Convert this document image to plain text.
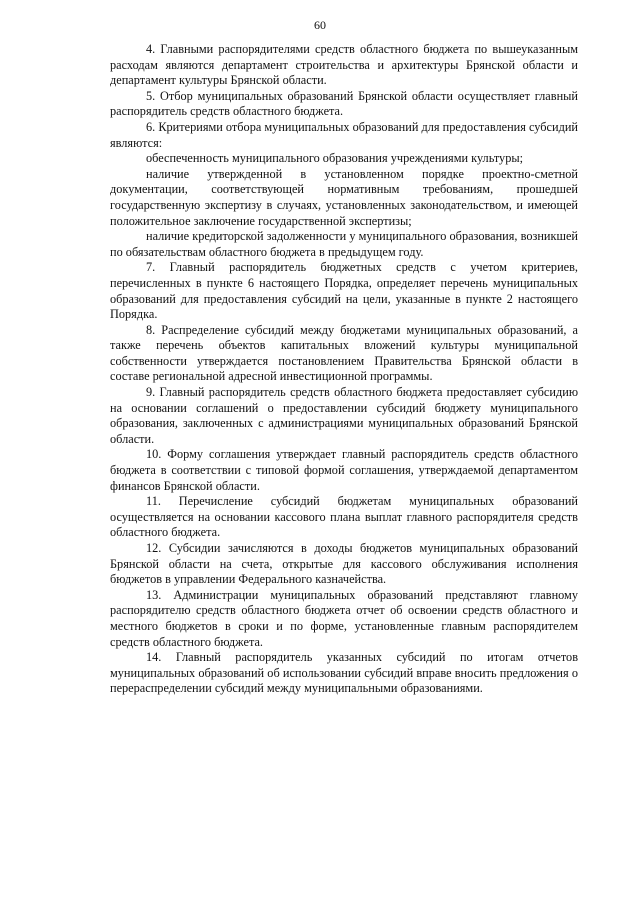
60

4. Главными распорядителями средств областного бюджета по вышеуказанным расходам являются департамент строительства и архитектуры Брянской области и департамент культуры Брянской области.

5. Отбор муниципальных образований Брянской области осуществляет главный распорядитель средств областного бюджета.

6. Критериями отбора муниципальных образований для предоставления субсидий являются:

обеспеченность муниципального образования учреждениями культуры;

наличие утвержденной в установленном порядке проектно-сметной документации, соответствующей нормативным требованиям, прошедшей государственную экспертизу в случаях, установленных законодательством, и имеющей положительное заключение государственной экспертизы;

наличие кредиторской задолженности у муниципального образования, возникшей по обязательствам областного бюджета в предыдущем году.

7. Главный распорядитель бюджетных средств с учетом критериев, перечисленных в пункте 6 настоящего Порядка, определяет перечень муниципальных образований для предоставления субсидий на цели, указанные в пункте 2 настоящего Порядка.

8. Распределение субсидий между бюджетами муниципальных образований, а также перечень объектов капитальных вложений культуры муниципальной собственности утверждается постановлением Правительства Брянской области в составе региональной адресной инвестиционной программы.

9. Главный распорядитель средств областного бюджета предоставляет субсидию на основании соглашений о предоставлении субсидий бюджету муниципального образования, заключенных с администрациями муниципальных образований Брянской области.

10. Форму соглашения утверждает главный распорядитель средств областного бюджета в соответствии с типовой формой соглашения, утверждаемой департаментом финансов Брянской области.

11. Перечисление субсидий бюджетам муниципальных образований осуществляется на основании кассового плана выплат главного распорядителя средств областного бюджета.

12. Субсидии зачисляются в доходы бюджетов муниципальных образований Брянской области на счета, открытые для кассового обслуживания исполнения бюджетов в управлении Федерального казначейства.

13. Администрации муниципальных образований представляют главному распорядителю средств областного бюджета отчет об освоении средств областного и местного бюджетов в сроки и по форме, установленные главным распорядителем средств областного бюджета.

14. Главный распорядитель указанных субсидий по итогам отчетов муниципальных образований об использовании субсидий вправе вносить предложения о перераспределении субсидий между муниципальными образованиями.
